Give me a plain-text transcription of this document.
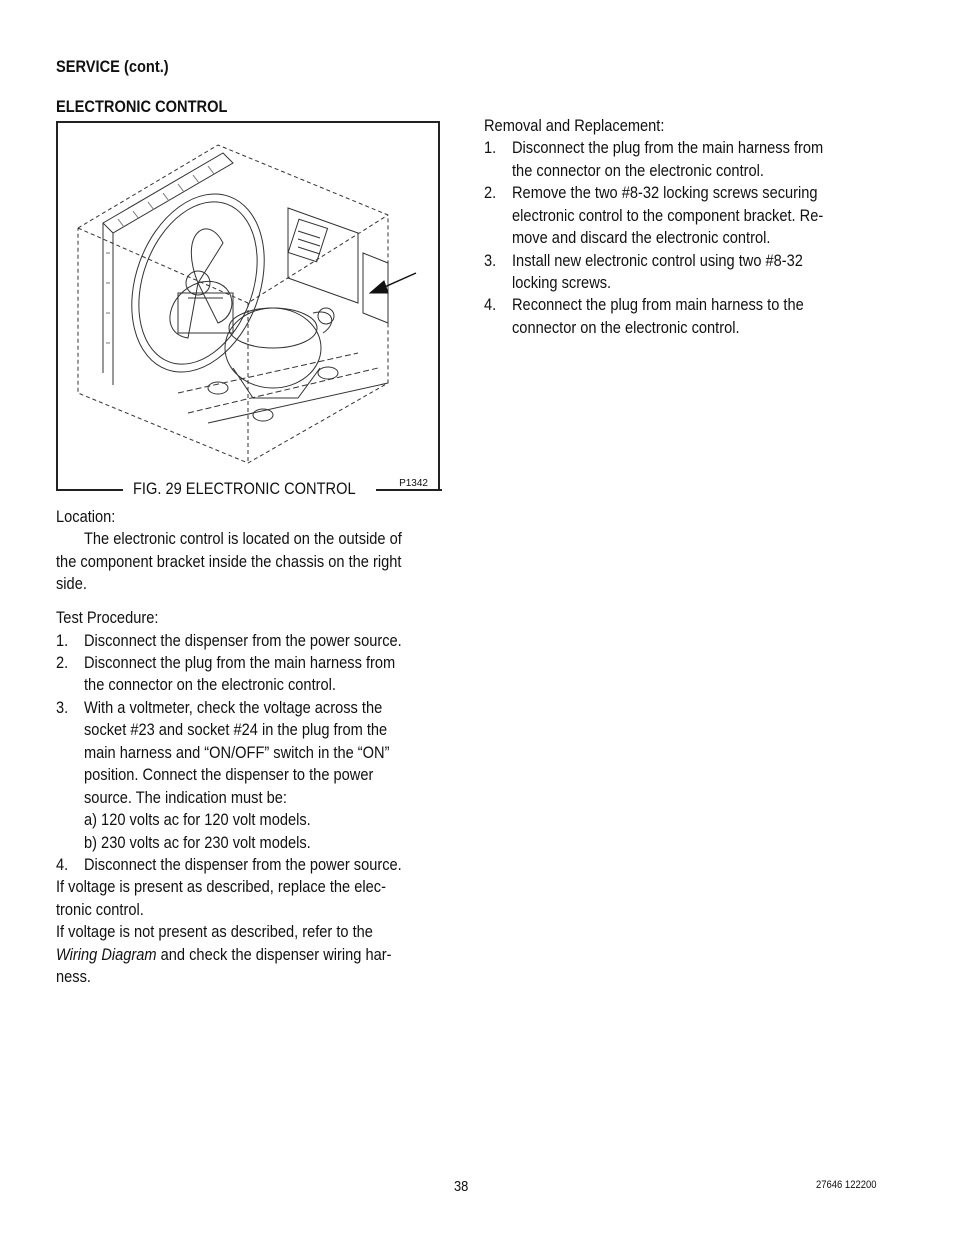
SERVICE (cont.)
ELECTRONIC CONTROL
P1342
FIG. 29 ELECTRONIC CONTROL
Location:
The electronic control is located on the outside of
the component bracket inside the chassis on the right
side.
Test Procedure:
1. Disconnect the dispenser from the power source.
2. Disconnect the plug from the main harness from
the connector on the electronic control.
3. With a voltmeter, check the voltage across the
socket #23 and socket #24 in the plug from the
main harness and “ON/OFF” switch in the “ON”
position. Connect the dispenser to the power
source. The indication must be:
a) 120 volts ac for 120 volt models.
b) 230 volts ac for 230 volt models.
4. Disconnect the dispenser from the power source.
If voltage is present as described, replace the elec-
tronic control.
If voltage is not present as described, refer to the
Wiring Diagram and check the dispenser wiring har-
ness.
Removal and Replacement:
1. Disconnect the plug from the main harness from
the connector on the electronic control.
2. Remove the two #8-32 locking screws securing
electronic control to the component bracket. Re-
move and discard the electronic control.
3. Install new electronic control using two #8-32
locking screws.
4. Reconnect the plug from main harness to the
connector on the electronic control.
38	27646 122200
